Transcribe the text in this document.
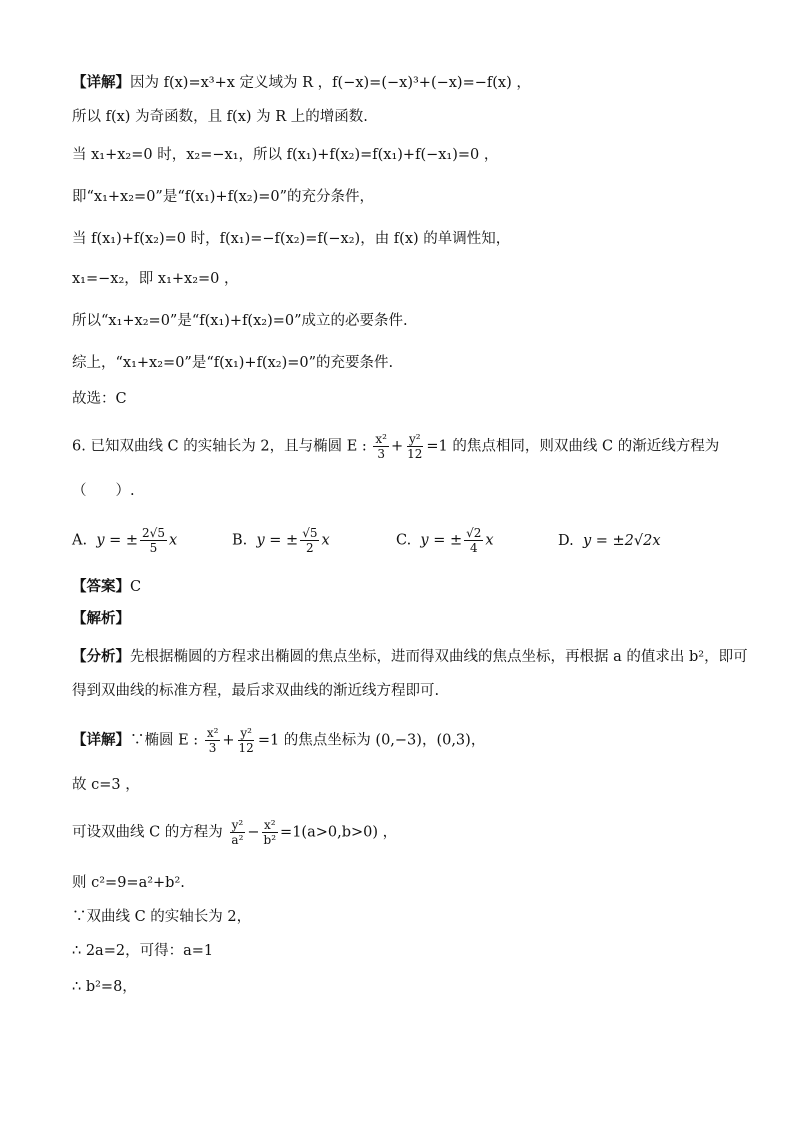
【详解】因为 f(x)=x³+x 定义域为 R ，f(−x)=(−x)³+(−x)=−f(x) ，
所以 f(x) 为奇函数，且 f(x) 为 R 上的增函数.
当 x₁+x₂=0 时，x₂=−x₁，所以 f(x₁)+f(x₂)=f(x₁)+f(−x₁)=0 ，
即“x₁+x₂=0”是“f(x₁)+f(x₂)=0”的充分条件，
当 f(x₁)+f(x₂)=0 时，f(x₁)=−f(x₂)=f(−x₂)，由 f(x) 的单调性知，
x₁=−x₂，即 x₁+x₂=0 ，
所以“x₁+x₂=0”是“f(x₁)+f(x₂)=0”成立的必要条件.
综上，“x₁+x₂=0”是“f(x₁)+f(x₂)=0”的充要条件.
故选：C
6. 已知双曲线 C 的实轴长为 2，且与椭圆 E : $\frac{\text{x²}}{3} + \frac{\text{y²}}{12} =1$ 的焦点相同，则双曲线 C 的渐近线方程为
（　　）.
A. y = ± $\frac{2√5}{5}$ x	B. y = ± $\frac{√5}{2}$ x	C. y = ± $\frac{√2}{4}$ x	D. y = ±2√2x
【答案】C
【解析】
【分析】先根据椭圆的方程求出椭圆的焦点坐标，进而得双曲线的焦点坐标，再根据 a 的值求出 b²，即可
得到双曲线的标准方程，最后求双曲线的渐近线方程即可.
【详解】∵椭圆 E : $\frac{\text{x²}}{3} + \frac{\text{y²}}{12} =1$ 的焦点坐标为 (0,−3)，(0,3)，
故 c=3 ，
可设双曲线 C 的方程为 $\frac{\text{y²}}{\text{a²}} - \frac{\text{x²}}{\text{b²}} =1(a>0,b>0)$ ，
则 c²=9=a²+b².
∵双曲线 C 的实轴长为 2，
∴ 2a=2，可得：a=1
∴ b²=8，
